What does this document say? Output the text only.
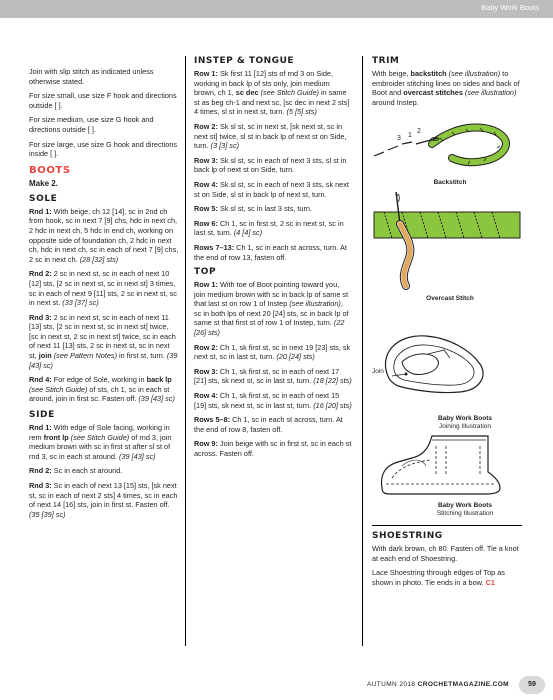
Baby Work Boots

Join with slip stitch as indicated unless otherwise stated.

For size small, use size F hook and directions outside [ ].

For size medium, use size G hook and directions outside [ ].

For size large, use size G hook and directions inside [ ].

BOOTS
Make 2.
SOLE

Rnd 1: With beige, ch 12 [14], sc in 2nd ch from hook, sc in next 7 [9] chs, hdc in next ch, 2 hdc in next ch, 5 hdc in end ch, working on opposite side of foundation ch, 2 hdc in next ch, hdc in next ch, sc in each of next 7 [9] chs, 2 sc in next ch. (28 [32] sts)

Rnd 2: 2 sc in next st, sc in each of next 10 [12] sts, [2 sc in next st, sc in next st] 3 times, sc in each of next 9 [11] sts, 2 sc in next st, sc in next st. (33 [37] sc)

Rnd 3: 2 sc in next st, sc in each of next 11 [13] sts, [2 sc in next st, sc in next st] twice, [sc in next st, 2 sc in next st] twice, sc in each of next 11 [13] sts, 2 sc in next st, sc in next st, join (see Pattern Notes) in first st, turn. (39 [43] sc)

Rnd 4: For edge of Sole, working in back lp (see Stitch Guide) of sts, ch 1, sc in each st around, join in first sc. Fasten off. (39 [43] sc)

SIDE

Rnd 1: With edge of Sole facing, working in rem front lp (see Stitch Guide) of rnd 3, join medium brown with sc in first st after sl st of rnd 3, sc in each st around. (39 [43] sc)

Rnd 2: Sc in each st around.

Rnd 3: Sc in each of next 13 [15] sts, [sk next st, sc in each of next 2 sts] 4 times, sc in each of next 14 [16] sts, join in first st. Fasten off. (35 [39] sc)

INSTEP & TONGUE

Row 1: Sk first 11 [12] sts of rnd 3 on Side, working in back lp of sts only, join medium brown, ch 1, sc dec (see Stitch Guide) in same st as beg ch-1 and next sc, [sc dec in next 2 sts] 4 times, sl st in next st, turn. (5 [5] sts)

Row 2: Sk sl st, sc in next st, [sk next st, sc in next st] twice, sl st in back lp of next st on Side, turn. (3 [3] sc)

Row 3: Sk sl st, sc in each of next 3 sts, sl st in back lp of next st on Side, turn.

Row 4: Sk sl st, sc in each of next 3 sts, sk next st on Side, sl st in back lp of next st, turn.

Row 5: Sk sl st, sc in last 3 sts, turn.

Row 6: Ch 1, sc in first st, 2 sc in next st, sc in last st, turn. (4 [4] sc)

Rows 7–13: Ch 1, sc in each st across, turn. At the end of row 13, fasten off.

TOP

Row 1: With toe of Boot pointing toward you, join medium brown with sc in back lp of same st that last st on row 1 of Instep (see illustration), sc in both lps of next 20 [24] sts, sc in back lp of same st that first st of row 1 of Instep, turn. (22 [26] sts)

Row 2: Ch 1, sk first st, sc in next 19 [23] sts, sk next st, sc in last st, turn. (20 [24] sts)

Row 3: Ch 1, sk first st, sc in each of next 17 [21] sts, sk next st, sc in last st, turn. (18 [22] sts)

Row 4: Ch 1, sk first st, sc in each of next 15 [19] sts, sk next st, sc in last st, turn. (16 [20] sts)

Rows 5–8: Ch 1, sc in each st across, turn. At the end of row 8, fasten off.

Row 9: Join beige with sc in first st, sc in each st across. Fasten off.

TRIM

With beige, backstitch (see illustration) to embroider stitching lines on sides and back of Boot and overcast stitches (see illustration) around Instep.

3 1
2
Backstitch
Overcast Stitch
Join
Baby Work Boots
Joining Illustration
Baby Work Boots
Stitching Illustration
SHOESTRING

With dark brown, ch 80. Fasten off. Tie a knot at each end of Shoestring.

Lace Shoestring through edges of Top as shown in photo. Tie ends in a bow. C1

AUTUMN 2018 CROCHETMAGAZINE.COM	59
